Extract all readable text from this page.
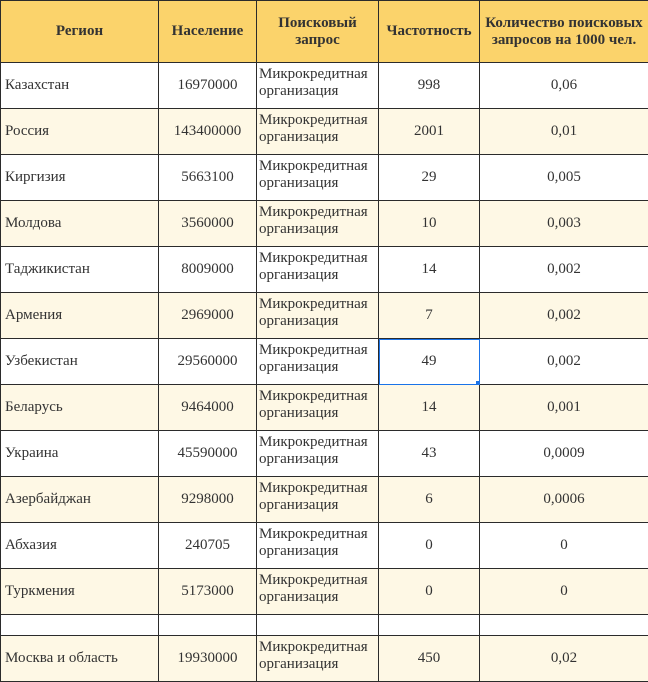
Регион	Население	Поисковый запрос	Частотность	Количество поисковых запросов на 1000 чел.
Казахстан	16970000	Микрокредитная организация	998	0,06
Россия	143400000	Микрокредитная организация	2001	0,01
Киргизия	5663100	Микрокредитная организация	29	0,005
Молдова	3560000	Микрокредитная организация	10	0,003
Таджикистан	8009000	Микрокредитная организация	14	0,002
Армения	2969000	Микрокредитная организация	7	0,002
Узбекистан	29560000	Микрокредитная организация	49	0,002
Беларусь	9464000	Микрокредитная организация	14	0,001
Украина	45590000	Микрокредитная организация	43	0,0009
Азербайджан	9298000	Микрокредитная организация	6	0,0006
Абхазия	240705	Микрокредитная организация	0	0
Туркмения	5173000	Микрокредитная организация	0	0

Москва и область	19930000	Микрокредитная организация	450	0,02
